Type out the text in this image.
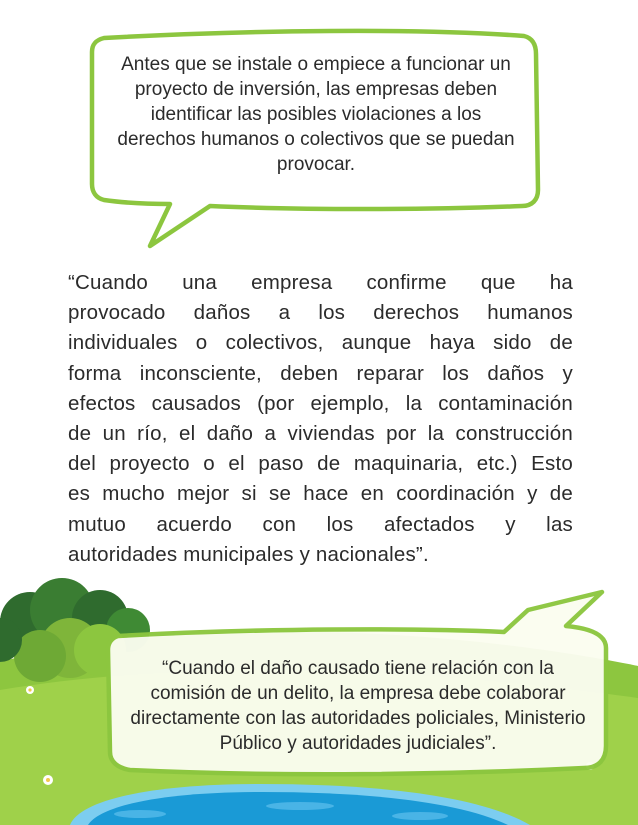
Antes que se instale o empiece a funcionar un proyecto de inversión, las empresas deben identificar las posibles violaciones a los derechos humanos o colectivos que se puedan provocar.
“Cuando una empresa confirme que ha
provocado daños a los derechos humanos
individuales o colectivos, aunque haya sido de
forma inconsciente, deben reparar los daños y
efectos causados (por ejemplo, la contaminación
de un río, el daño a viviendas por la construcción
del proyecto o el paso de maquinaria, etc.) Esto
es mucho mejor si se hace en coordinación y de
mutuo acuerdo con los afectados y las
autoridades municipales y nacionales”.
“Cuando el daño causado tiene relación con la comisión de un delito, la empresa debe colaborar directamente con las autoridades policiales, Ministerio Público y autoridades judiciales”.
